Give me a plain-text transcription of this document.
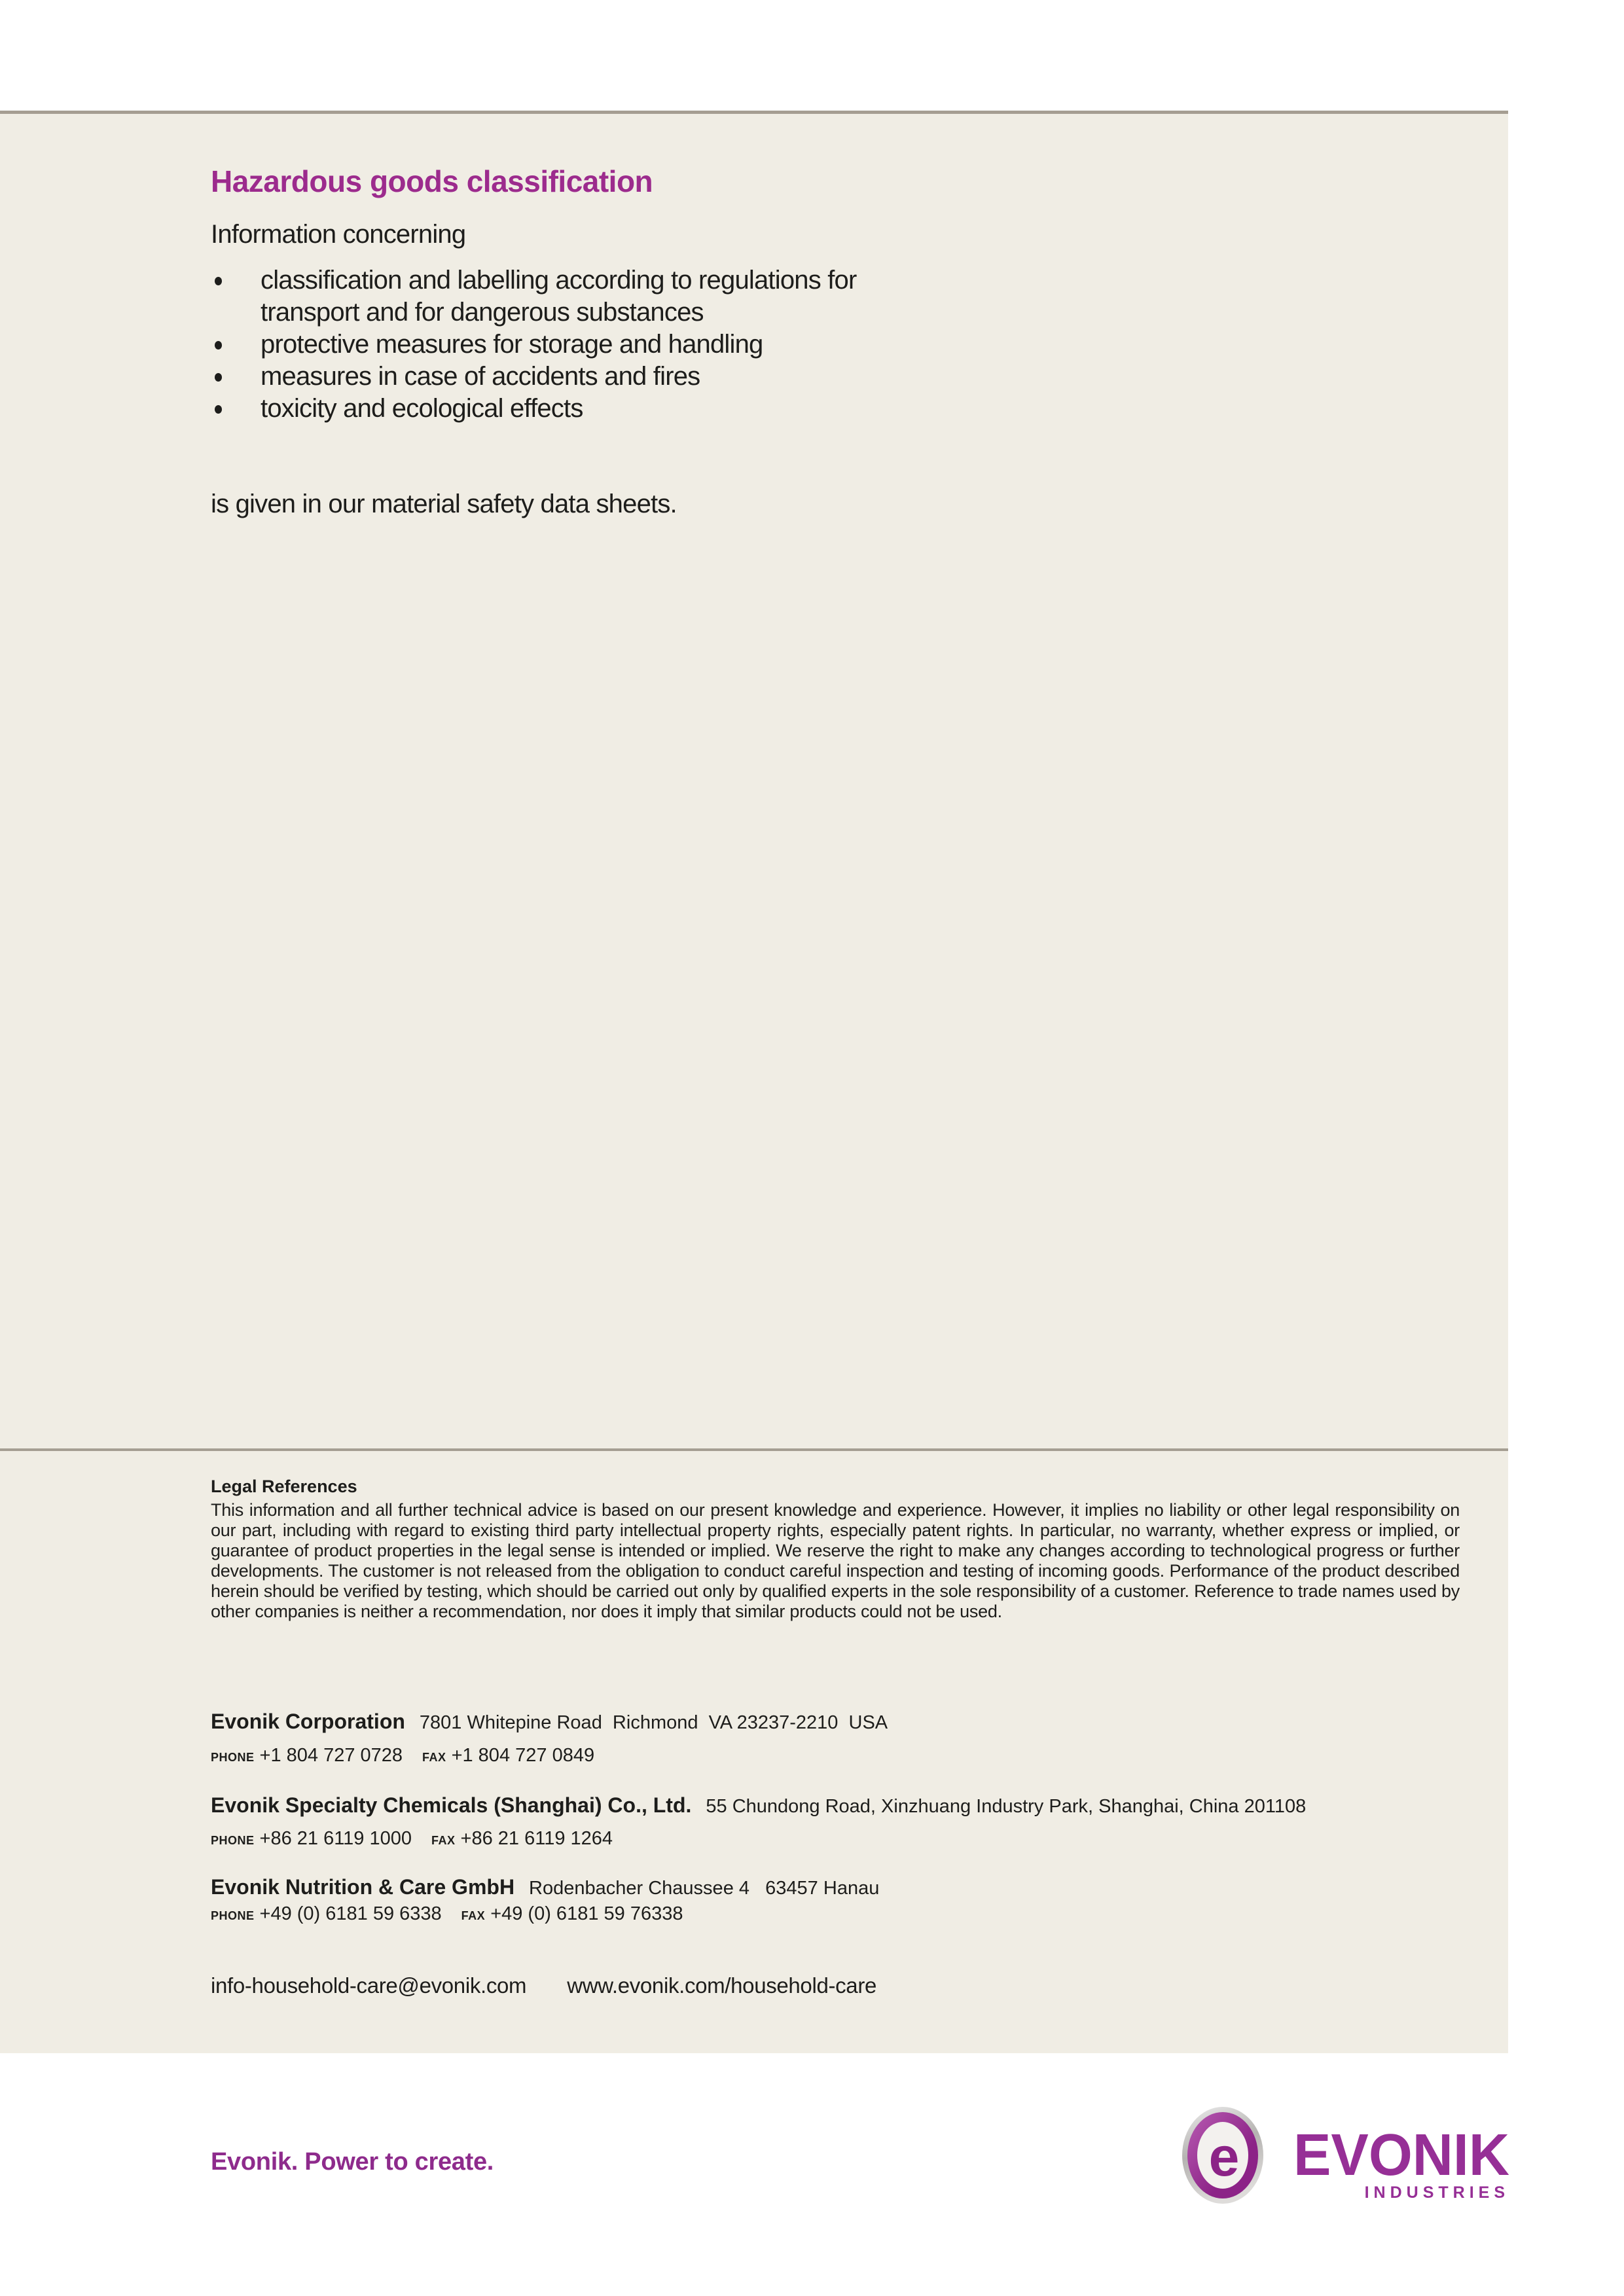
Hazardous goods classification
Information concerning
classification and labelling according to regulations for transport and for dangerous substances
protective measures for storage and handling
measures in case of accidents and fires
toxicity and ecological effects
is given in our material safety data sheets.
Legal References
This information and all further technical advice is based on our present knowledge and experience. However, it implies no liability or other legal responsibility on our part, including with regard to existing third party intellectual property rights, especially patent rights. In particular, no warranty, whether express or implied, or guarantee of product properties in the legal sense is intended or implied. We reserve the right to make any changes according to technological progress or further developments. The customer is not released from the obligation to conduct careful inspection and testing of incoming goods. Performance of the product described herein should be verified by testing, which should be carried out only by qualified experts in the sole responsibility of a customer. Reference to trade names used by other companies is neither a recommendation, nor does it imply that similar products could not be used.
Evonik Corporation 7801 Whitepine Road  Richmond  VA 23237-2210  USA
PHONE +1 804 727 0728 FAX +1 804 727 0849
Evonik Specialty Chemicals (Shanghai) Co., Ltd. 55 Chundong Road, Xinzhuang Industry Park, Shanghai, China 201108
PHONE +86 21 6119 1000 FAX +86 21 6119 1264
Evonik Nutrition & Care GmbH Rodenbacher Chaussee 4   63457 Hanau
PHONE +49 (0) 6181 59 6338 FAX +49 (0) 6181 59 76338
info-household-care@evonik.com www.evonik.com/household-care
Evonik. Power to create.	e EVONIK
INDUSTRIES
